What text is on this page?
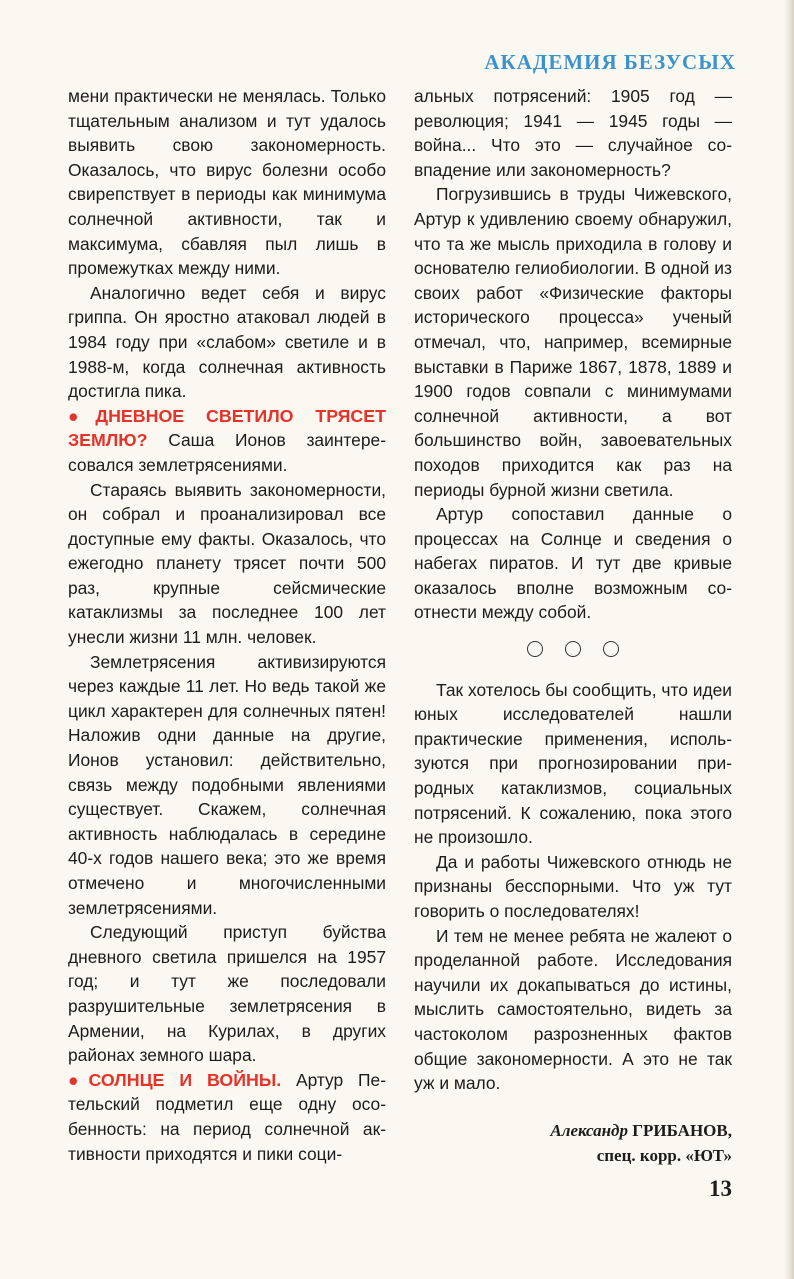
АКАДЕМИЯ БЕЗУСЫХ

мени практически не менялась. Только тщательным анализом и тут удалось выявить свою закономерность. Оказалось, что вирус болезни особо свирепствует в периоды как минимума солнечной активности, так и максимума, сбавляя пыл лишь в промежутках между ними.

Аналогично ведет себя и вирус гриппа. Он яростно атаковал людей в 1984 году при «слабом» светиле и в 1988-м, когда солнечная активность достигла пика.

●ДНЕВНОЕ СВЕТИЛО ТРЯСЕТ ЗЕМЛЮ? Саша Ионов заинтересовался землетрясениями.

Стараясь выявить закономерности, он собрал и проанализировал все доступные ему факты. Оказалось, что ежегодно планету трясет почти 500 раз, крупные сейсмические катаклизмы за последнее 100 лет унесли жизни 11 млн. человек.

Землетрясения активизируются через каждые 11 лет. Но ведь такой же цикл характерен для солнечных пятен! Наложив одни данные на другие, Ионов установил: действительно, связь между подобными явлениями существует. Скажем, солнечная активность наблюдалась в середине 40-х годов нашего века; это же время отмечено и многочисленными землетрясениями.

Следующий приступ буйства дневного светила пришелся на 1957 год; и тут же последовали разрушительные землетрясения в Армении, на Курилах, в других районах земного шара.

●СОЛНЦЕ И ВОЙНЫ. Артур Петельский подметил еще одну особенность: на период солнечной активности приходятся и пики соци-

альных потрясений: 1905 год — революция; 1941 — 1945 годы — война... Что это — случайное совпадение или закономерность?

Погрузившись в труды Чижевского, Артур к удивлению своему обнаружил, что та же мысль приходила в голову и основателю гелиобиологии. В одной из своих работ «Физические факторы исторического процесса» ученый отмечал, что, например, всемирные выставки в Париже 1867, 1878, 1889 и 1900 годов совпали с минимумами солнечной активности, а вот большинство войн, завоевательных походов приходится как раз на периоды бурной жизни светила.

Артур сопоставил данные о процессах на Солнце и сведения о набегах пиратов. И тут две кривые оказалось вполне возможным соотнести между собой.

Так хотелось бы сообщить, что идеи юных исследователей нашли практические применения, используются при прогнозировании природных катаклизмов, социальных потрясений. К сожалению, пока этого не произошло.

Да и работы Чижевского отнюдь не признаны бесспорными. Что уж тут говорить о последователях!

И тем не менее ребята не жалеют о проделанной работе. Исследования научили их докапываться до истины, мыслить самостоятельно, видеть за частоколом разрозненных фактов общие закономерности. А это не так уж и мало.

Александр ГРИБАНОВ,
спец. корр. «ЮТ»
13
